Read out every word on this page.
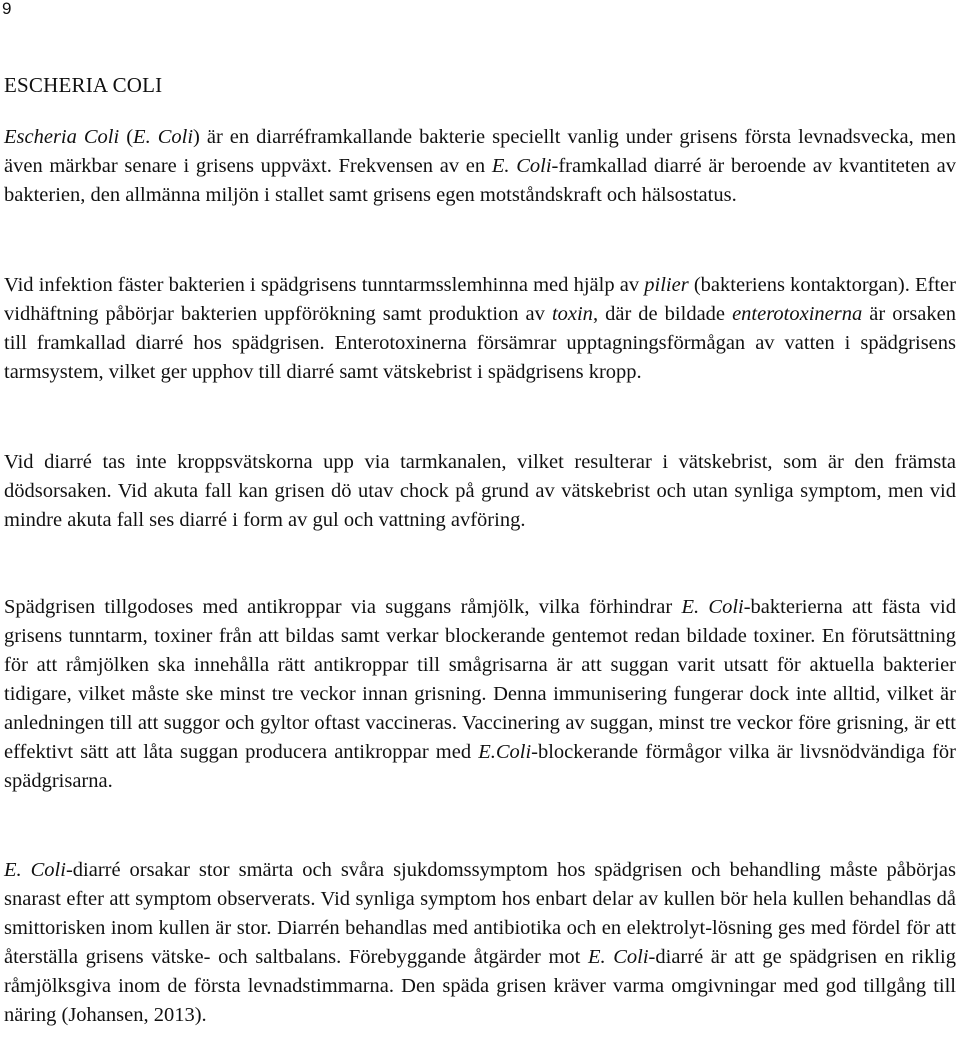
9

ESCHERIA COLI

Escheria Coli (E. Coli) är en diarréframkallande bakterie speciellt vanlig under grisens första levnadsvecka, men även märkbar senare i grisens uppväxt. Frekvensen av en E. Coli-framkallad diarré är beroende av kvantiteten av bakterien, den allmänna miljön i stallet samt grisens egen motståndskraft och hälsostatus.

Vid infektion fäster bakterien i spädgrisens tunntarmsslemhinna med hjälp av pilier (bakteriens kontaktorgan). Efter vidhäftning påbörjar bakterien uppförökning samt produktion av toxin, där de bildade enterotoxinerna är orsaken till framkallad diarré hos spädgrisen. Enterotoxinerna försämrar upptagningsförmågan av vatten i spädgrisens tarmsystem, vilket ger upphov till diarré samt vätskebrist i spädgrisens kropp.

Vid diarré tas inte kroppsvätskorna upp via tarmkanalen, vilket resulterar i vätskebrist, som är den främsta dödsorsaken. Vid akuta fall kan grisen dö utav chock på grund av vätskebrist och utan synliga symptom, men vid mindre akuta fall ses diarré i form av gul och vattning avföring.

Spädgrisen tillgodoses med antikroppar via suggans råmjölk, vilka förhindrar E. Coli-bakterierna att fästa vid grisens tunntarm, toxiner från att bildas samt verkar blockerande gentemot redan bildade toxiner. En förutsättning för att råmjölken ska innehålla rätt antikroppar till smågrisarna är att suggan varit utsatt för aktuella bakterier tidigare, vilket måste ske minst tre veckor innan grisning. Denna immunisering fungerar dock inte alltid, vilket är anledningen till att suggor och gyltor oftast vaccineras. Vaccinering av suggan, minst tre veckor före grisning, är ett effektivt sätt att låta suggan producera antikroppar med E.Coli-blockerande förmågor vilka är livsnödvändiga för spädgrisarna.

E. Coli-diarré orsakar stor smärta och svåra sjukdomssymptom hos spädgrisen och behandling måste påbörjas snarast efter att symptom observerats. Vid synliga symptom hos enbart delar av kullen bör hela kullen behandlas då smittorisken inom kullen är stor. Diarrén behandlas med antibiotika och en elektrolyt-lösning ges med fördel för att återställa grisens vätske- och saltbalans. Förebyggande åtgärder mot E. Coli-diarré är att ge spädgrisen en riklig råmjölksgiva inom de första levnadstimmarna. Den späda grisen kräver varma omgivningar med god tillgång till näring (Johansen, 2013).
